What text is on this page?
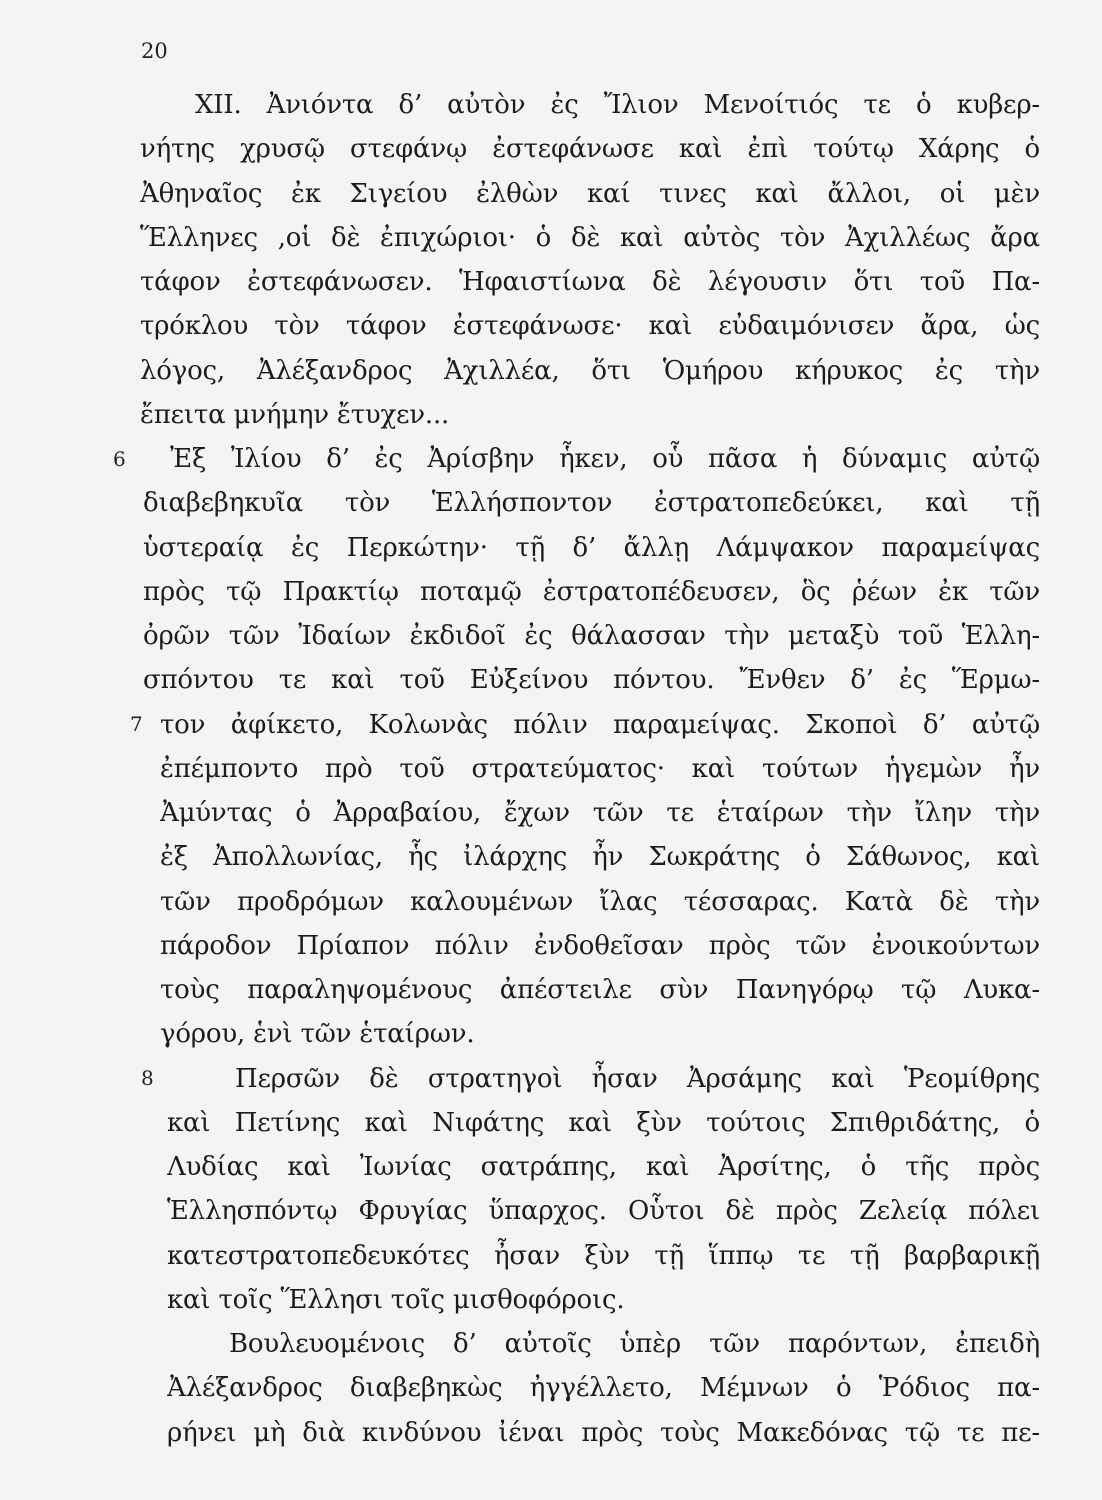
20
6
7
8
XII. Ἀνιόντα δ’ αὐτὸν ἐς Ἴλιον Μενοίτιός τε ὁ κυβερ-
νήτης χρυσῷ στεφάνῳ ἐστεφάνωσε καὶ ἐπὶ τούτῳ Χάρης ὁ
Ἀθηναῖος ἐκ Σιγείου ἐλθὼν καί τινες καὶ ἄλλοι, οἱ μὲν
Ἕλληνες ,οἱ δὲ ἐπιχώριοι· ὁ δὲ καὶ αὐτὸς τὸν Ἀχιλλέως ἄρα
τάφον ἐστεφάνωσεν. Ἡφαιστίωνα δὲ λέγουσιν ὅτι τοῦ Πα-
τρόκλου τὸν τάφον ἐστεφάνωσε· καὶ εὐδαιμόνισεν ἄρα, ὡς
λόγος, Ἀλέξανδρος Ἀχιλλέα, ὅτι Ὁμήρου κήρυκος ἐς τὴν
ἔπειτα μνήμην ἔτυχεν...
Ἐξ Ἰλίου δ’ ἐς Ἀρίσβην ἧκεν, οὗ πᾶσα ἡ δύναμις αὐτῷ
διαβεβηκυῖα τὸν Ἑλλήσποντον ἐστρατοπεδεύκει, καὶ τῇ
ὑστεραίᾳ ἐς Περκώτην· τῇ δ’ ἄλλῃ Λάμψακον παραμείψας
πρὸς τῷ Πρακτίῳ ποταμῷ ἐστρατοπέδευσεν, ὃς ῥέων ἐκ τῶν
ὀρῶν τῶν Ἰδαίων ἐκδιδοῖ ἐς θάλασσαν τὴν μεταξὺ τοῦ Ἑλλη-
σπόντου τε καὶ τοῦ Εὐξείνου πόντου. Ἔνθεν δ’ ἐς Ἕρμω-
τον ἀφίκετο, Κολωνὰς πόλιν παραμείψας. Σκοποὶ δ’ αὐτῷ
ἐπέμποντο πρὸ τοῦ στρατεύματος· καὶ τούτων ἡγεμὼν ἦν
Ἀμύντας ὁ Ἀρραβαίου, ἔχων τῶν τε ἑταίρων τὴν ἴλην τὴν
ἐξ Ἀπολλωνίας, ἧς ἰλάρχης ἦν Σωκράτης ὁ Σάθωνος, καὶ
τῶν προδρόμων καλουμένων ἴλας τέσσαρας. Κατὰ δὲ τὴν
πάροδον Πρίαπον πόλιν ἐνδοθεῖσαν πρὸς τῶν ἐνοικούντων
τοὺς παραληψομένους ἀπέστειλε σὺν Πανηγόρῳ τῷ Λυκα-
γόρου, ἑνὶ τῶν ἑταίρων.
Περσῶν δὲ στρατηγοὶ ἦσαν Ἀρσάμης καὶ Ῥεομίθρης
καὶ Πετίνης καὶ Νιφάτης καὶ ξὺν τούτοις Σπιθριδάτης, ὁ
Λυδίας καὶ Ἰωνίας σατράπης, καὶ Ἀρσίτης, ὁ τῆς πρὸς
Ἑλλησπόντῳ Φρυγίας ὕπαρχος. Οὗτοι δὲ πρὸς Ζελείᾳ πόλει
κατεστρατοπεδευκότες ἦσαν ξὺν τῇ ἵππῳ τε τῇ βαρβαρικῇ
καὶ τοῖς Ἕλλησι τοῖς μισθοφόροις.
Βουλευομένοις δ’ αὐτοῖς ὑπὲρ τῶν παρόντων, ἐπειδὴ
Ἀλέξανδρος διαβεβηκὼς ἠγγέλλετο, Μέμνων ὁ Ῥόδιος πα-
ρήνει μὴ διὰ κινδύνου ἰέναι πρὸς τοὺς Μακεδόνας τῷ τε πε-
